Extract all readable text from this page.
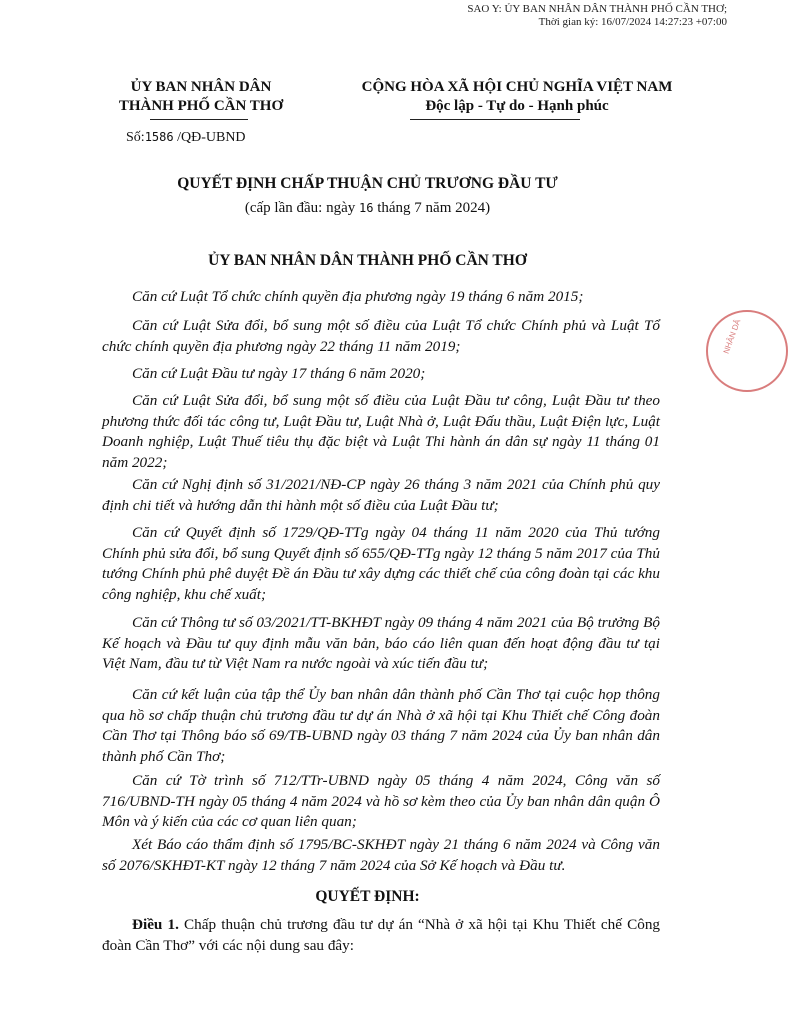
SAO Y: ỦY BAN NHÂN DÂN THÀNH PHỐ CẦN THƠ;
Thời gian ký: 16/07/2024 14:27:23 +07:00
ỦY BAN NHÂN DÂN
THÀNH PHỐ CẦN THƠ
CỘNG HÒA XÃ HỘI CHỦ NGHĨA VIỆT NAM
Độc lập - Tự do - Hạnh phúc
Số:1586 /QĐ-UBND
QUYẾT ĐỊNH CHẤP THUẬN CHỦ TRƯƠNG ĐẦU TƯ
(cấp lần đầu: ngày 16 tháng 7 năm 2024)
ỦY BAN NHÂN DÂN THÀNH PHỐ CẦN THƠ
Căn cứ Luật Tổ chức chính quyền địa phương ngày 19 tháng 6 năm 2015;
Căn cứ Luật Sửa đổi, bổ sung một số điều của Luật Tổ chức Chính phủ và Luật Tổ chức chính quyền địa phương ngày 22 tháng 11 năm 2019;
Căn cứ Luật Đầu tư ngày 17 tháng 6 năm 2020;
Căn cứ Luật Sửa đổi, bổ sung một số điều của Luật Đầu tư công, Luật Đầu tư theo phương thức đối tác công tư, Luật Đầu tư, Luật Nhà ở, Luật Đấu thầu, Luật Điện lực, Luật Doanh nghiệp, Luật Thuế tiêu thụ đặc biệt và Luật Thi hành án dân sự ngày 11 tháng 01 năm 2022;
Căn cứ Nghị định số 31/2021/NĐ-CP ngày 26 tháng 3 năm 2021 của Chính phủ quy định chi tiết và hướng dẫn thi hành một số điều của Luật Đầu tư;
Căn cứ Quyết định số 1729/QĐ-TTg ngày 04 tháng 11 năm 2020 của Thủ tướng Chính phủ sửa đổi, bổ sung Quyết định số 655/QĐ-TTg ngày 12 tháng 5 năm 2017 của Thủ tướng Chính phủ phê duyệt Đề án Đầu tư xây dựng các thiết chế của công đoàn tại các khu công nghiệp, khu chế xuất;
Căn cứ Thông tư số 03/2021/TT-BKHĐT ngày 09 tháng 4 năm 2021 của Bộ trưởng Bộ Kế hoạch và Đầu tư quy định mẫu văn bản, báo cáo liên quan đến hoạt động đầu tư tại Việt Nam, đầu tư từ Việt Nam ra nước ngoài và xúc tiến đầu tư;
Căn cứ kết luận của tập thể Ủy ban nhân dân thành phố Cần Thơ tại cuộc họp thông qua hồ sơ chấp thuận chủ trương đầu tư dự án Nhà ở xã hội tại Khu Thiết chế Công đoàn Cần Thơ tại Thông báo số 69/TB-UBND ngày 03 tháng 7 năm 2024 của Ủy ban nhân dân thành phố Cần Thơ;
Căn cứ Tờ trình số 712/TTr-UBND ngày 05 tháng 4 năm 2024, Công văn số 716/UBND-TH ngày 05 tháng 4 năm 2024 và hồ sơ kèm theo của Ủy ban nhân dân quận Ô Môn và ý kiến của các cơ quan liên quan;
Xét Báo cáo thẩm định số 1795/BC-SKHĐT ngày 21 tháng 6 năm 2024 và Công văn số 2076/SKHĐT-KT ngày 12 tháng 7 năm 2024 của Sở Kế hoạch và Đầu tư.
QUYẾT ĐỊNH:
Điều 1. Chấp thuận chủ trương đầu tư dự án “Nhà ở xã hội tại Khu Thiết chế Công đoàn Cần Thơ” với các nội dung sau đây:
NHÂN DÂ
